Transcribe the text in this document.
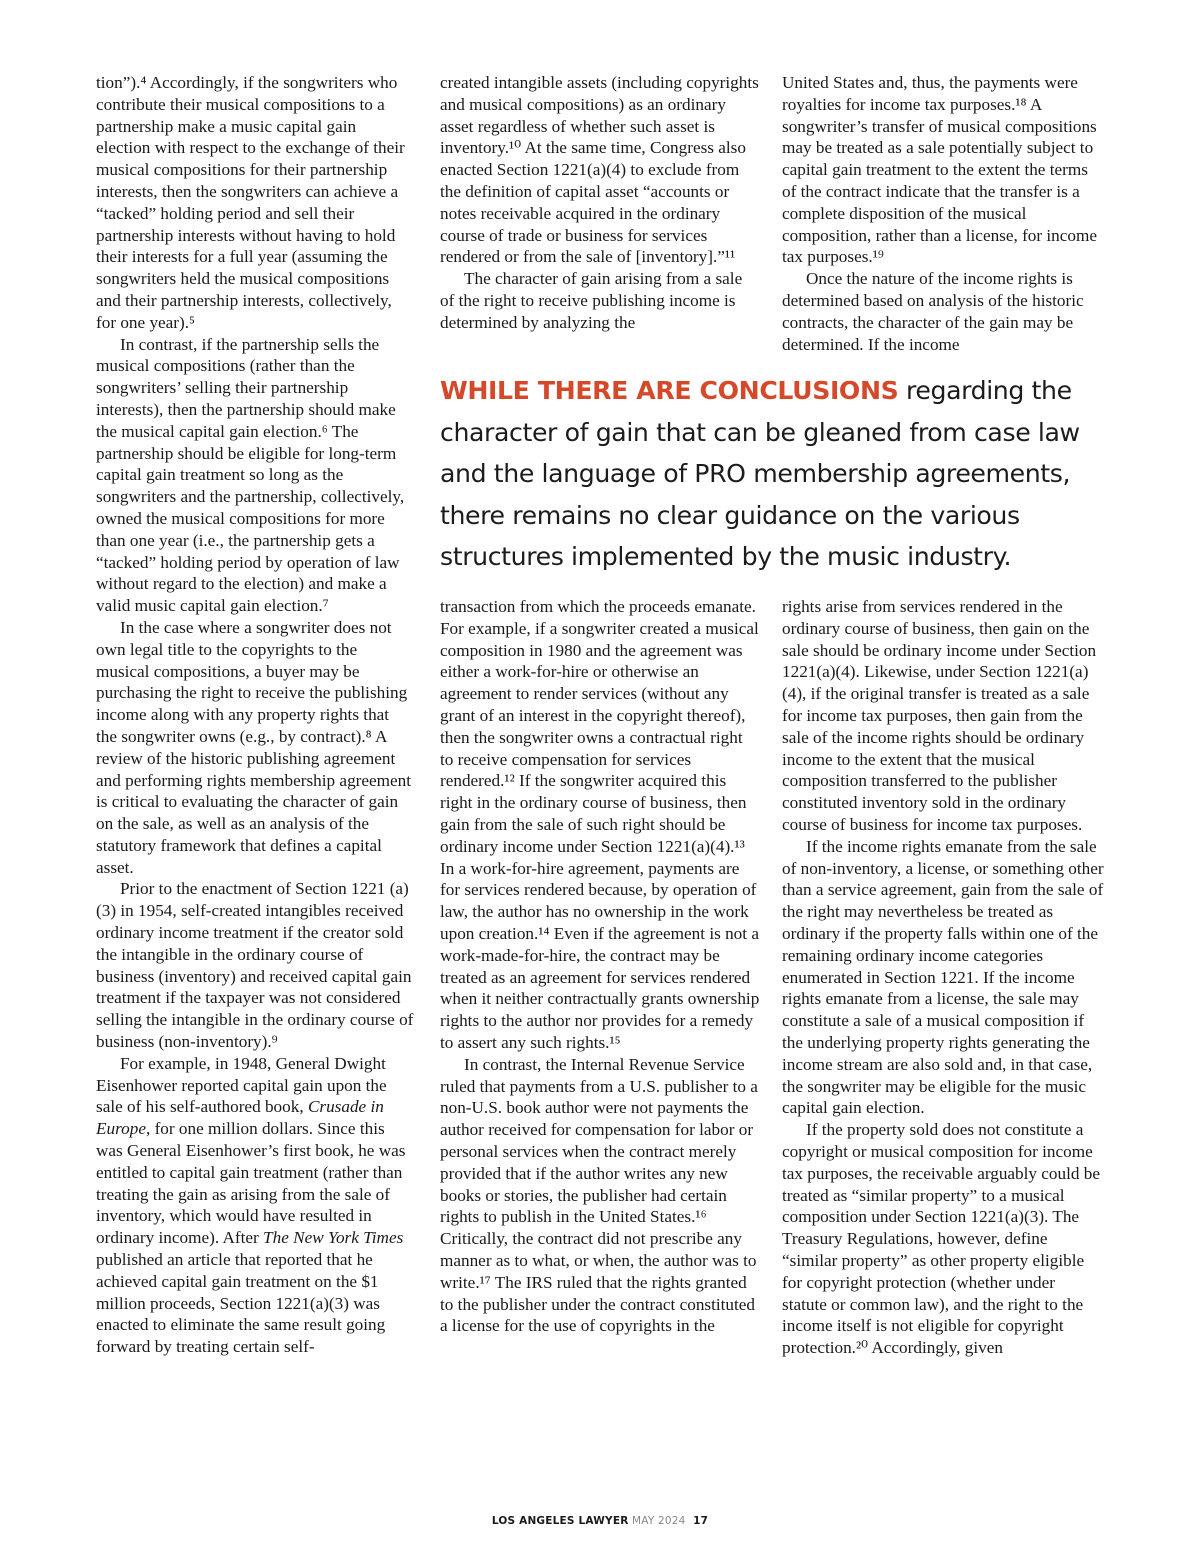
tion”).⁴ Accordingly, if the songwriters who contribute their musical compositions to a partnership make a music capital gain election with respect to the exchange of their musical compositions for their partnership interests, then the songwriters can achieve a “tacked” holding period and sell their partnership interests without having to hold their interests for a full year (assuming the songwriters held the musical compositions and their partnership interests, collectively, for one year).⁵

In contrast, if the partnership sells the musical compositions (rather than the songwriters’ selling their partnership interests), then the partnership should make the musical capital gain election.⁶ The partnership should be eligible for long-term capital gain treatment so long as the songwriters and the partnership, collectively, owned the musical compositions for more than one year (i.e., the partnership gets a “tacked” holding period by operation of law without regard to the election) and make a valid music capital gain election.⁷

In the case where a songwriter does not own legal title to the copyrights to the musical compositions, a buyer may be purchasing the right to receive the publishing income along with any property rights that the songwriter owns (e.g., by contract).⁸ A review of the historic publishing agreement and performing rights membership agreement is critical to evaluating the character of gain on the sale, as well as an analysis of the statutory framework that defines a capital asset.

Prior to the enactment of Section 1221 (a)(3) in 1954, self-created intangibles received ordinary income treatment if the creator sold the intangible in the ordinary course of business (inventory) and received capital gain treatment if the taxpayer was not considered selling the intangible in the ordinary course of business (non-inventory).⁹

For example, in 1948, General Dwight Eisenhower reported capital gain upon the sale of his self-authored book, Crusade in Europe, for one million dollars. Since this was General Eisenhower’s first book, he was entitled to capital gain treatment (rather than treating the gain as arising from the sale of inventory, which would have resulted in ordinary income). After The New York Times published an article that reported that he achieved capital gain treatment on the $1 million proceeds, Section 1221(a)(3) was enacted to eliminate the same result going forward by treating certain self-

created intangible assets (including copyrights and musical compositions) as an ordinary asset regardless of whether such asset is inventory.¹⁰ At the same time, Congress also enacted Section 1221(a)(4) to exclude from the definition of capital asset “accounts or notes receivable acquired in the ordinary course of trade or business for services rendered or from the sale of [inventory].”¹¹

The character of gain arising from a sale of the right to receive publishing income is determined by analyzing the

United States and, thus, the payments were royalties for income tax purposes.¹⁸ A songwriter’s transfer of musical compositions may be treated as a sale potentially subject to capital gain treatment to the extent the terms of the contract indicate that the transfer is a complete disposition of the musical composition, rather than a license, for income tax purposes.¹⁹

Once the nature of the income rights is determined based on analysis of the historic contracts, the character of the gain may be determined. If the income

WHILE THERE ARE CONCLUSIONS regarding the character of gain that can be gleaned from case law and the language of PRO membership agreements, there remains no clear guidance on the various structures implemented by the music industry.

transaction from which the proceeds emanate. For example, if a songwriter created a musical composition in 1980 and the agreement was either a work-for-hire or otherwise an agreement to render services (without any grant of an interest in the copyright thereof), then the songwriter owns a contractual right to receive compensation for services rendered.¹² If the songwriter acquired this right in the ordinary course of business, then gain from the sale of such right should be ordinary income under Section 1221(a)(4).¹³ In a work-for-hire agreement, payments are for services rendered because, by operation of law, the author has no ownership in the work upon creation.¹⁴ Even if the agreement is not a work-made-for-hire, the contract may be treated as an agreement for services rendered when it neither contractually grants ownership rights to the author nor provides for a remedy to assert any such rights.¹⁵

In contrast, the Internal Revenue Service ruled that payments from a U.S. publisher to a non-U.S. book author were not payments the author received for compensation for labor or personal services when the contract merely provided that if the author writes any new books or stories, the publisher had certain rights to publish in the United States.¹⁶ Critically, the contract did not prescribe any manner as to what, or when, the author was to write.¹⁷ The IRS ruled that the rights granted to the publisher under the contract constituted a license for the use of copyrights in the

rights arise from services rendered in the ordinary course of business, then gain on the sale should be ordinary income under Section 1221(a)(4). Likewise, under Section 1221(a)(4), if the original transfer is treated as a sale for income tax purposes, then gain from the sale of the income rights should be ordinary income to the extent that the musical composition transferred to the publisher constituted inventory sold in the ordinary course of business for income tax purposes.

If the income rights emanate from the sale of non-inventory, a license, or something other than a service agreement, gain from the sale of the right may nevertheless be treated as ordinary if the property falls within one of the remaining ordinary income categories enumerated in Section 1221. If the income rights emanate from a license, the sale may constitute a sale of a musical composition if the underlying property rights generating the income stream are also sold and, in that case, the songwriter may be eligible for the music capital gain election.

If the property sold does not constitute a copyright or musical composition for income tax purposes, the receivable arguably could be treated as “similar property” to a musical composition under Section 1221(a)(3). The Treasury Regulations, however, define “similar property” as other property eligible for copyright protection (whether under statute or common law), and the right to the income itself is not eligible for copyright protection.²⁰ Accordingly, given

LOS ANGELES LAWYER MAY 2024 17
